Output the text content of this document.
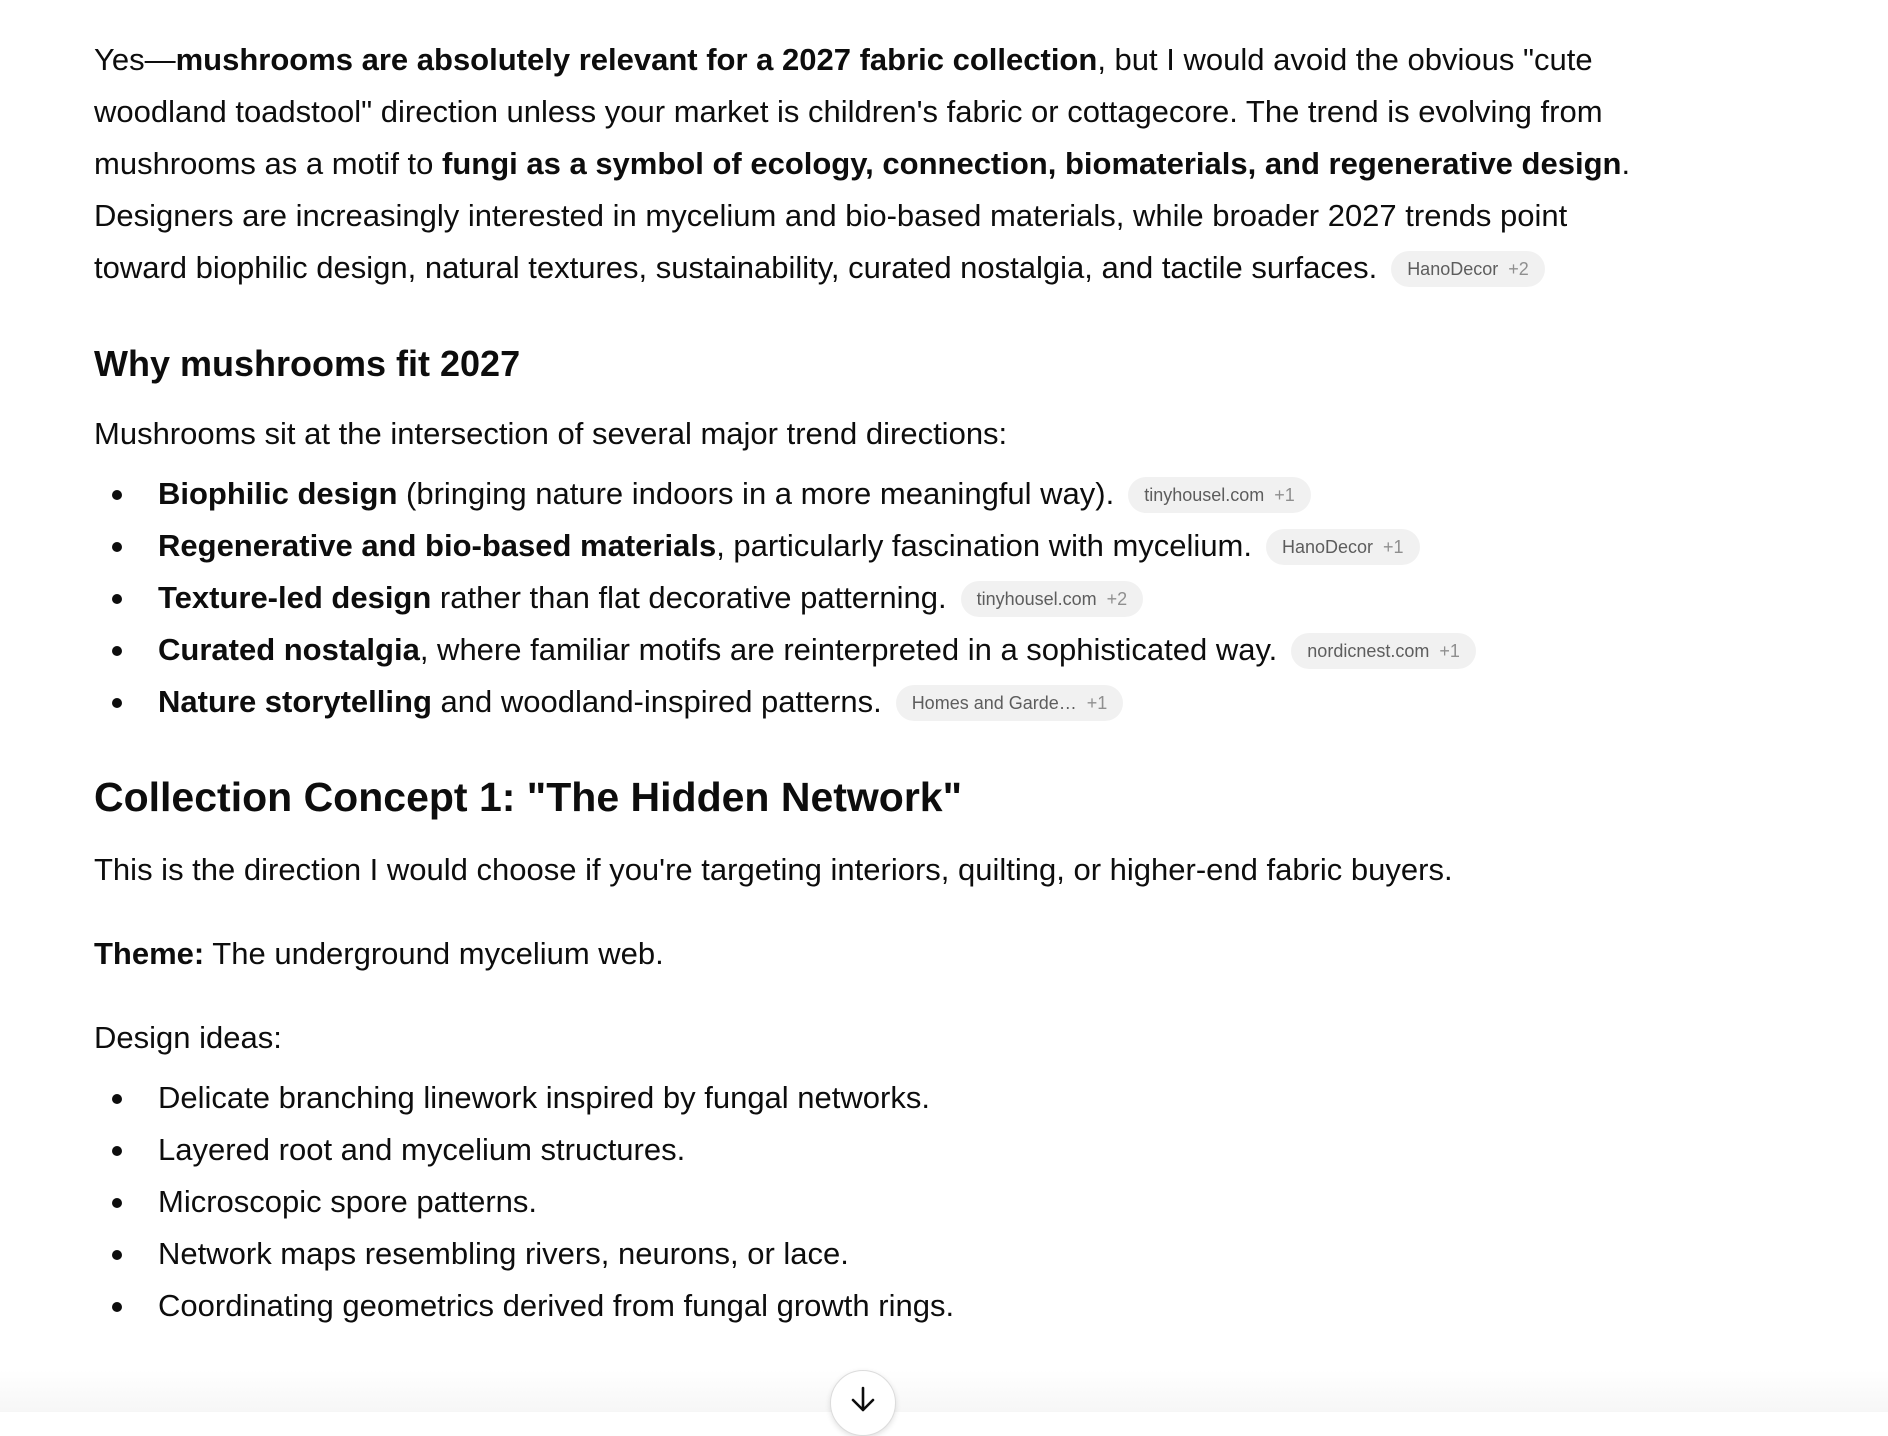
Yes—mushrooms are absolutely relevant for a 2027 fabric collection, but I would avoid the obvious "cute woodland toadstool" direction unless your market is children's fabric or cottagecore. The trend is evolving from mushrooms as a motif to fungi as a symbol of ecology, connection, biomaterials, and regenerative design. Designers are increasingly interested in mycelium and bio-based materials, while broader 2027 trends point toward biophilic design, natural textures, sustainability, curated nostalgia, and tactile surfaces. HanoDecor +2

Why mushrooms fit 2027

Mushrooms sit at the intersection of several major trend directions:

Biophilic design (bringing nature indoors in a more meaningful way). tinyhousel.com +1
Regenerative and bio-based materials, particularly fascination with mycelium. HanoDecor +1
Texture-led design rather than flat decorative patterning. tinyhousel.com +2
Curated nostalgia, where familiar motifs are reinterpreted in a sophisticated way. nordicnest.com +1
Nature storytelling and woodland-inspired patterns. Homes and Garde… +1
Collection Concept 1: "The Hidden Network"

This is the direction I would choose if you're targeting interiors, quilting, or higher-end fabric buyers.

Theme: The underground mycelium web.

Design ideas:

Delicate branching linework inspired by fungal networks.
Layered root and mycelium structures.
Microscopic spore patterns.
Network maps resembling rivers, neurons, or lace.
Coordinating geometrics derived from fungal growth rings.
